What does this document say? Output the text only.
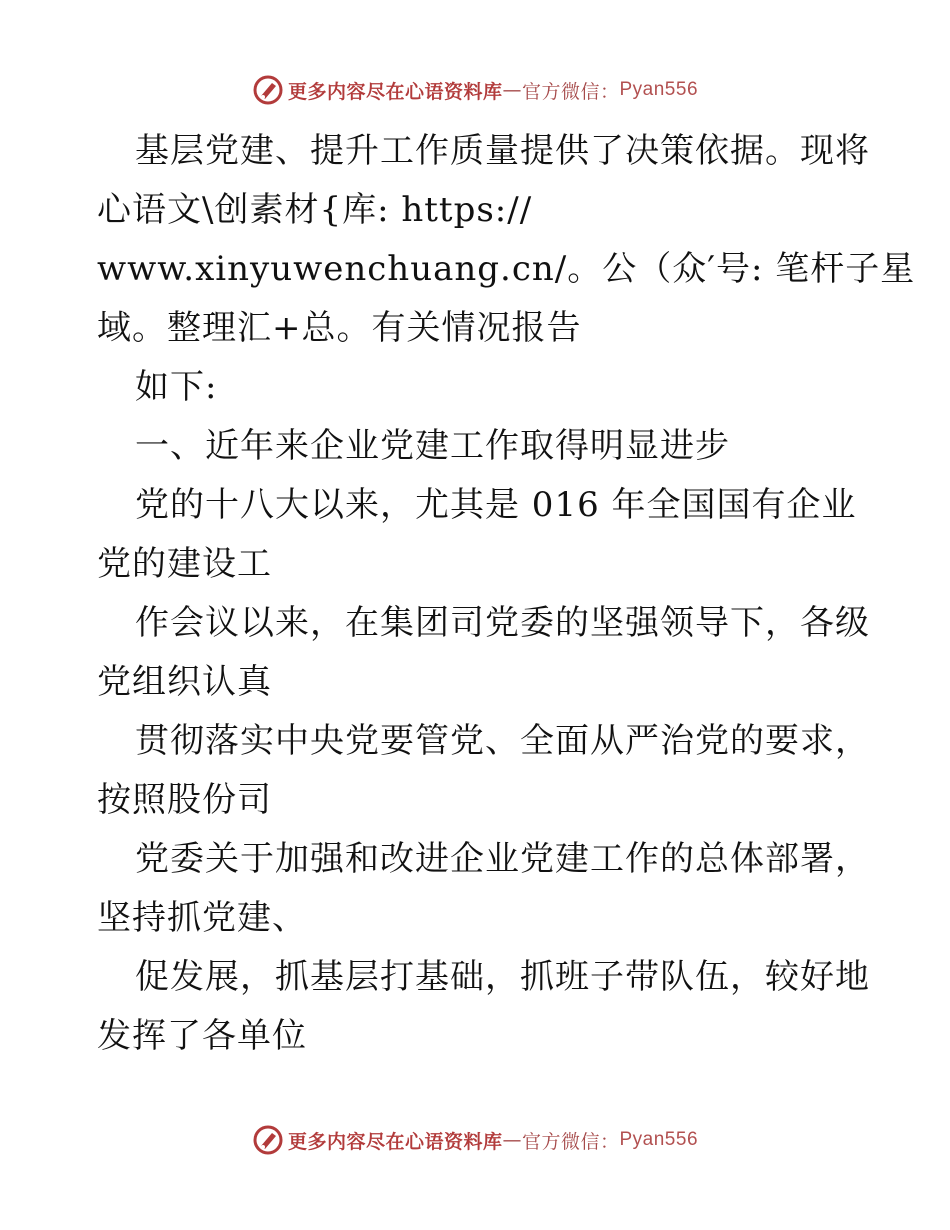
更多内容尽在心语资料库 — 官方微信： Pyan556
基层党建、提升工作质量提供了决策依据。现将
心语文\创素材{库: https://
www.xinyuwenchuang.cn/。公（众′号: 笔杆子星
域。整理汇+总。有关情况报告
如下:
一、近年来企业党建工作取得明显进步
党的十八大以来，尤其是 016 年全国国有企业
党的建设工
作会议以来，在集团司党委的坚强领导下，各级
党组织认真
贯彻落实中央党要管党、全面从严治党的要求，
按照股份司
党委关于加强和改进企业党建工作的总体部署，
坚持抓党建、
促发展，抓基层打基础，抓班子带队伍，较好地
发挥了各单位
更多内容尽在心语资料库 — 官方微信： Pyan556
